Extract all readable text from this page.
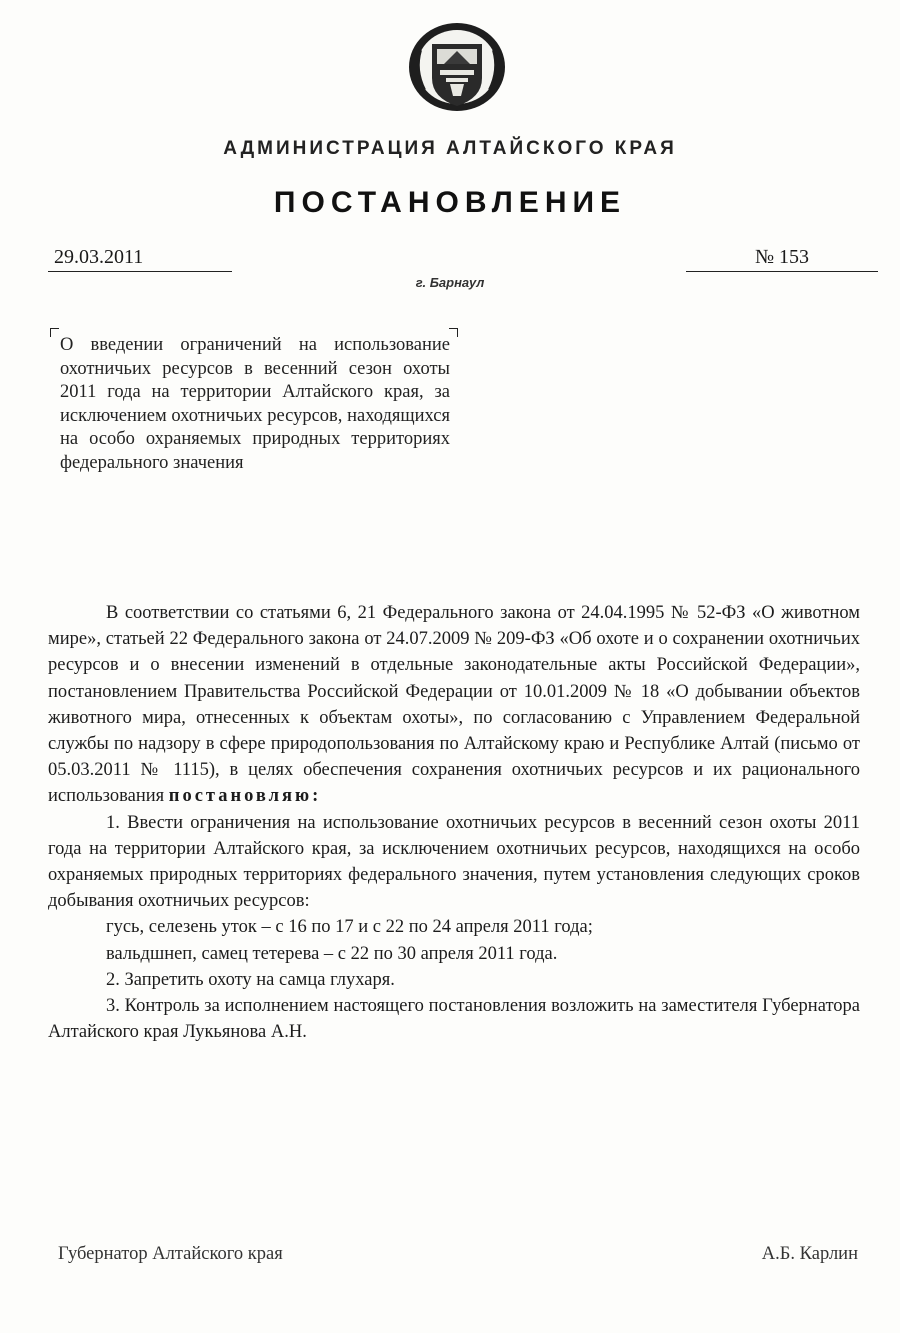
АДМИНИСТРАЦИЯ АЛТАЙСКОГО КРАЯ
ПОСТАНОВЛЕНИЕ
29.03.2011	№ 153
г. Барнаул
О введении ограничений на использование охотничьих ресурсов в весенний сезон охоты 2011 года на территории Алтайского края, за исключением охотничьих ресурсов, находящихся на особо охраняемых природных территориях федерального значения

В соответствии со статьями 6, 21 Федерального закона от 24.04.1995 № 52-ФЗ «О животном мире», статьей 22 Федерального закона от 24.07.2009 № 209-ФЗ «Об охоте и о сохранении охотничьих ресурсов и о внесении изменений в отдельные законодательные акты Российской Федерации», постановлением Правительства Российской Федерации от 10.01.2009 № 18 «О добывании объектов животного мира, отнесенных к объектам охоты», по согласованию с Управлением Федеральной службы по надзору в сфере природопользования по Алтайскому краю и Республике Алтай (письмо от 05.03.2011 № 1115), в целях обеспечения сохранения охотничьих ресурсов и их рационального использования постановляю:

1. Ввести ограничения на использование охотничьих ресурсов в весенний сезон охоты 2011 года на территории Алтайского края, за исключением охотничьих ресурсов, находящихся на особо охраняемых природных территориях федерального значения, путем установления следующих сроков добывания охотничьих ресурсов:

гусь, селезень уток – с 16 по 17 и с 22 по 24 апреля 2011 года;

вальдшнеп, самец тетерева – с 22 по 30 апреля 2011 года.

2. Запретить охоту на самца глухаря.

3. Контроль за исполнением настоящего постановления возложить на заместителя Губернатора Алтайского края Лукьянова А.Н.

Губернатор Алтайского края	А.Б. Карлин
